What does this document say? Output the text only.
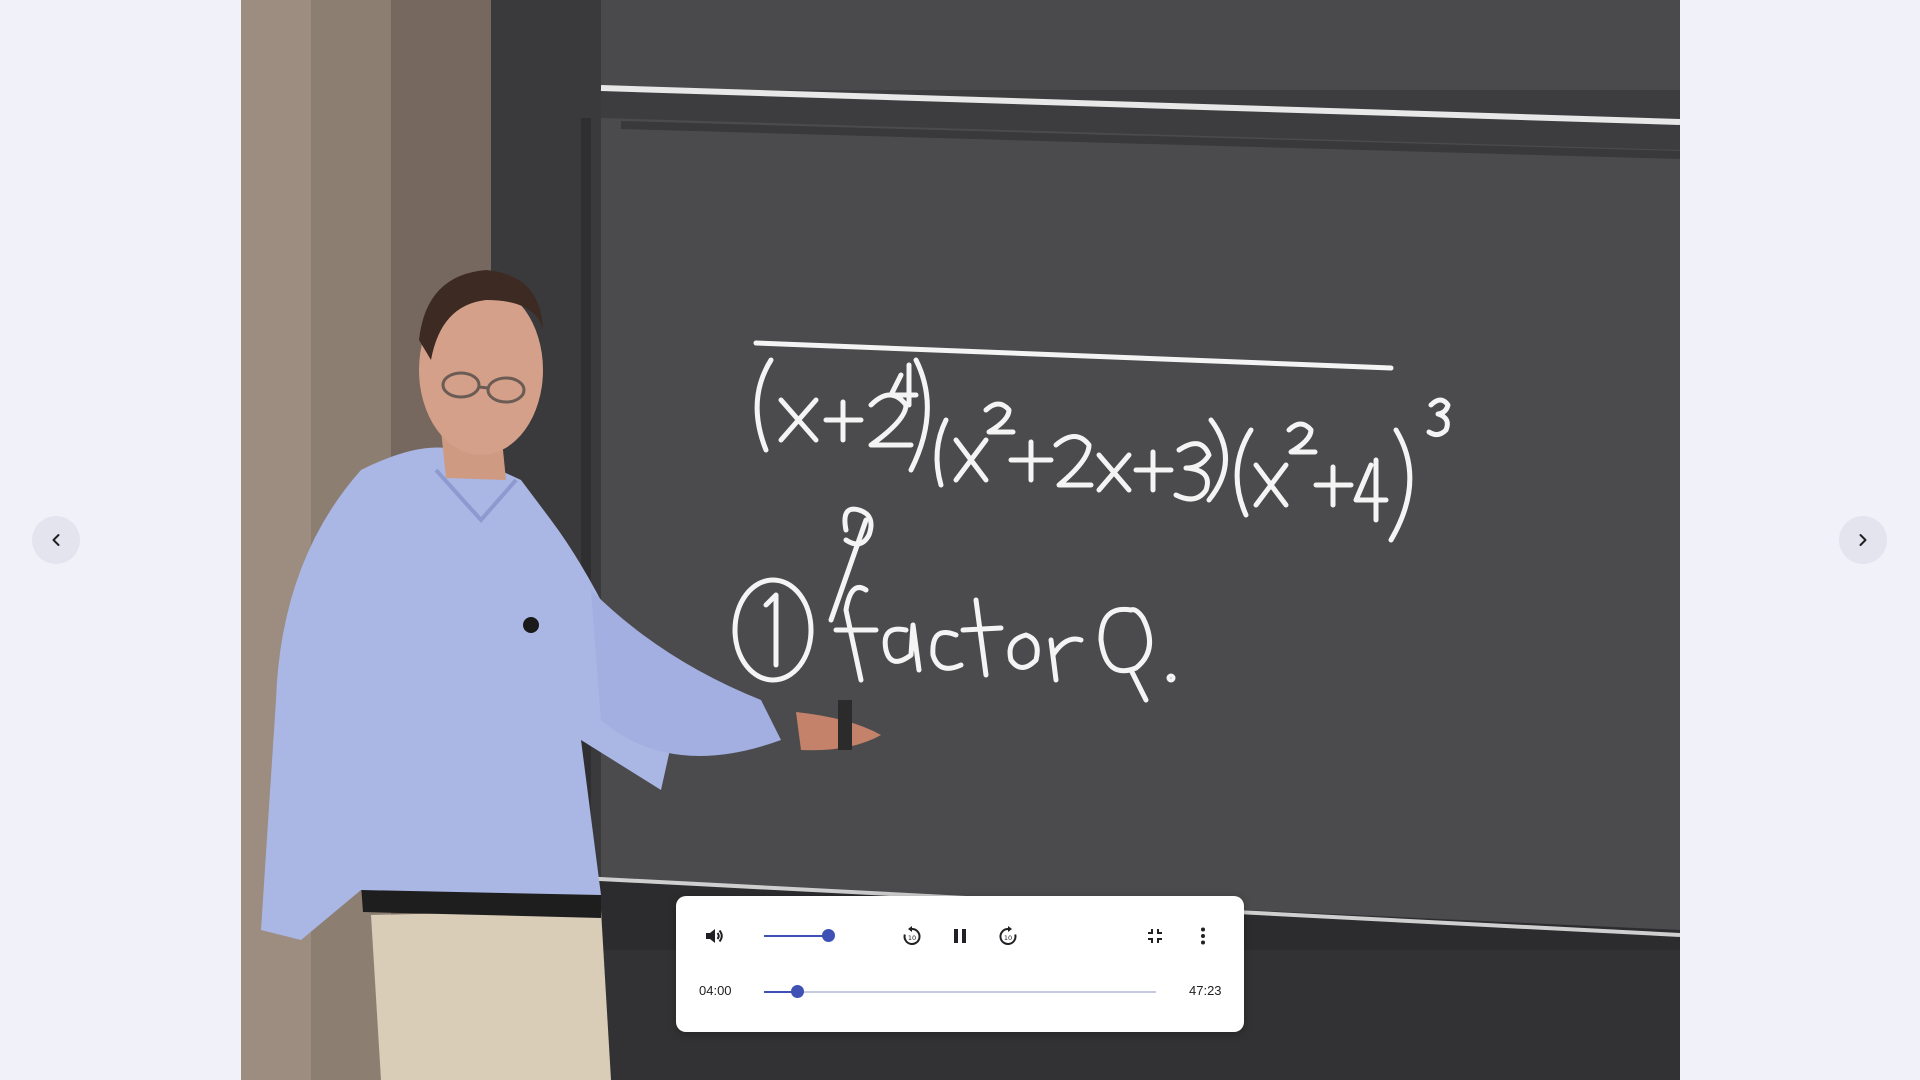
10	10
04:00	47:23
